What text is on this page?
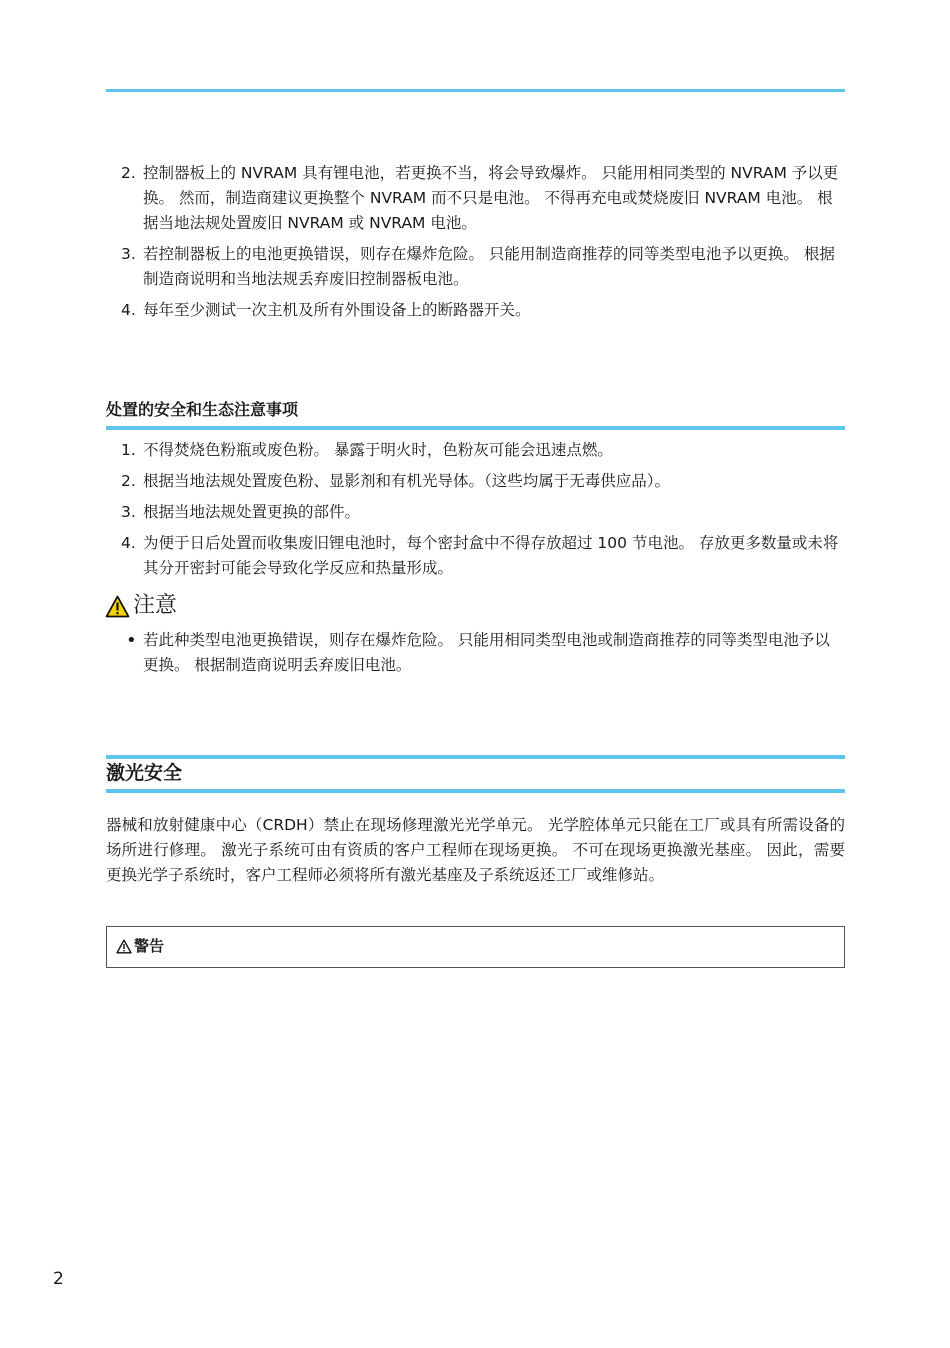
2. 控制器板上的 NVRAM 具有锂电池，若更换不当，将会导致爆炸。 只能用相同类型的 NVRAM 予以更换。 然而，制造商建议更换整个 NVRAM 而不只是电池。 不得再充电或焚烧废旧 NVRAM 电池。 根据当地法规处置废旧 NVRAM 或 NVRAM 电池。
3. 若控制器板上的电池更换错误，则存在爆炸危险。 只能用制造商推荐的同等类型电池予以更换。 根据制造商说明和当地法规丢弃废旧控制器板电池。
4. 每年至少测试一次主机及所有外围设备上的断路器开关。
处置的安全和生态注意事项
1. 不得焚烧色粉瓶或废色粉。 暴露于明火时，色粉灰可能会迅速点燃。
2. 根据当地法规处置废色粉、显影剂和有机光导体。（这些均属于无毒供应品）。
3. 根据当地法规处置更换的部件。
4. 为便于日后处置而收集废旧锂电池时，每个密封盒中不得存放超过 100 节电池。 存放更多数量或未将其分开密封可能会导致化学反应和热量形成。
注意
• 若此种类型电池更换错误，则存在爆炸危险。 只能用相同类型电池或制造商推荐的同等类型电池予以更换。 根据制造商说明丢弃废旧电池。
激光安全

器械和放射健康中心（CRDH）禁止在现场修理激光光学单元。 光学腔体单元只能在工厂或具有所需设备的场所进行修理。 激光子系统可由有资质的客户工程师在现场更换。 不可在现场更换激光基座。 因此，需要更换光学子系统时，客户工程师必须将所有激光基座及子系统返还工厂或维修站。

警告
2
